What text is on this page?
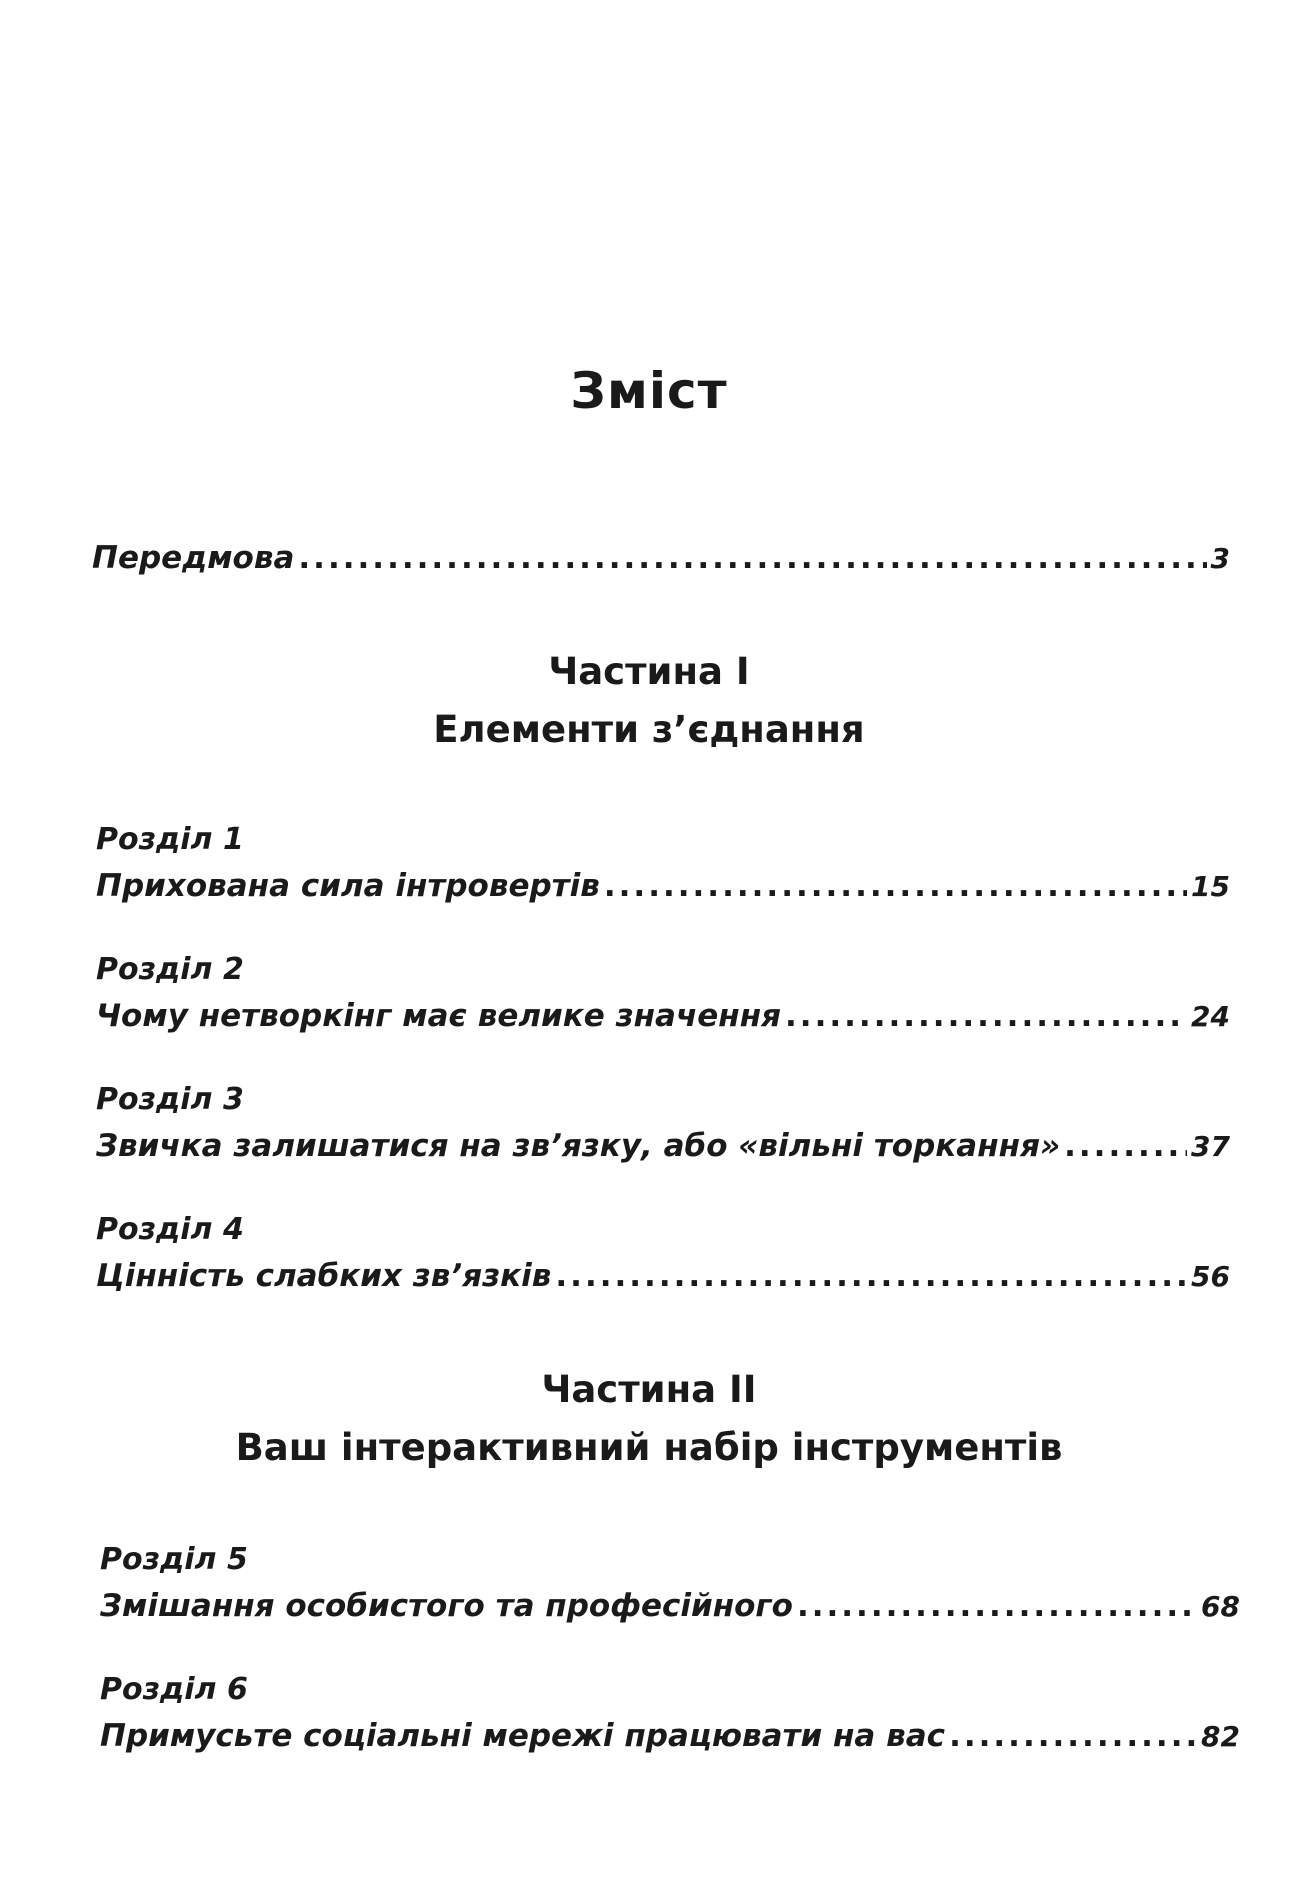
Зміст
Передмова .....	3
Частина I
Елементи з’єднання
Розділ 1
Прихована сила інтровертів .....	15
Розділ 2
Чому нетворкінг має велике значення .....	24
Розділ 3
Звичка залишатися на зв’язку, або «вільні торкання» .....	37
Розділ 4
Цінність слабких зв’язків .....	56
Частина II
Ваш інтерактивний набір інструментів
Розділ 5
Змішання особистого та професійного .....	68
Розділ 6
Примусьте соціальні мережі працювати на вас .....	82
